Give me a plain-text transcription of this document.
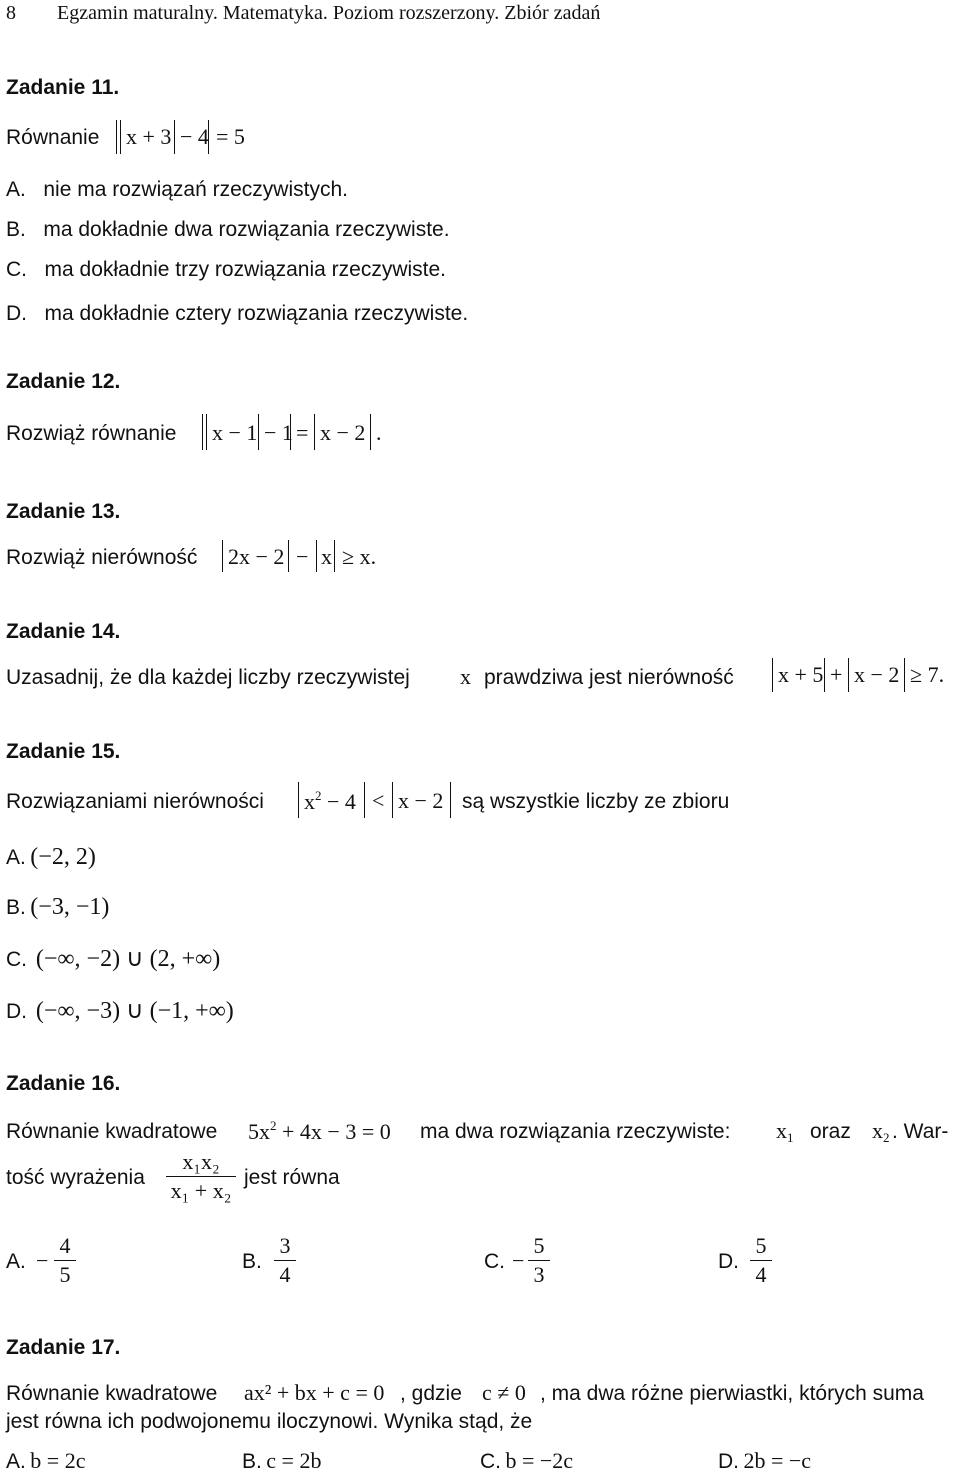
8 Egzamin maturalny. Matematyka. Poziom rozszerzony. Zbiór zadań
Zadanie 11.
Równanie x + 3 − 4 = 5
A. nie ma rozwiązań rzeczywistych.
B. ma dokładnie dwa rozwiązania rzeczywiste.
C. ma dokładnie trzy rozwiązania rzeczywiste.
D. ma dokładnie cztery rozwiązania rzeczywiste.
Zadanie 12.
Rozwiąż równanie x − 1 − 1 = x − 2 .
Zadanie 13.
Rozwiąż nierówność 2x − 2 − x ≥ x.
Zadanie 14.
Uzasadnij, że dla każdej liczby rzeczywistej x prawdziwa jest nierówność x + 5 + x − 2 ≥ 7.
Zadanie 15.
Rozwiązaniami nierówności $x^2 - 4 < x - 2$ są wszystkie liczby ze zbioru
A. (−2, 2)
B. (−3, −1)
C. (−∞, −2) ∪ (2, +∞)
D. (−∞, −3) ∪ (−1, +∞)
Zadanie 16.
Równanie kwadratowe $5x^2 + 4x - 3 = 0$ ma dwa rozwiązania rzeczywiste: $x_1$ oraz $x_2$ . War-
tość wyrażenia
x₁x₂
x₁ + x₂
jest równa
A. −
4
5
B.
3
4
C. −
5
3
D.
5
4
Zadanie 17.
Równanie kwadratowe ax² + bx + c = 0 , gdzie c ≠ 0 , ma dwa różne pierwiastki, których suma
jest równa ich podwojonemu iloczynowi. Wynika stąd, że
A. b = 2c	B. c = 2b	C. b = −2c	D. 2b = −c
